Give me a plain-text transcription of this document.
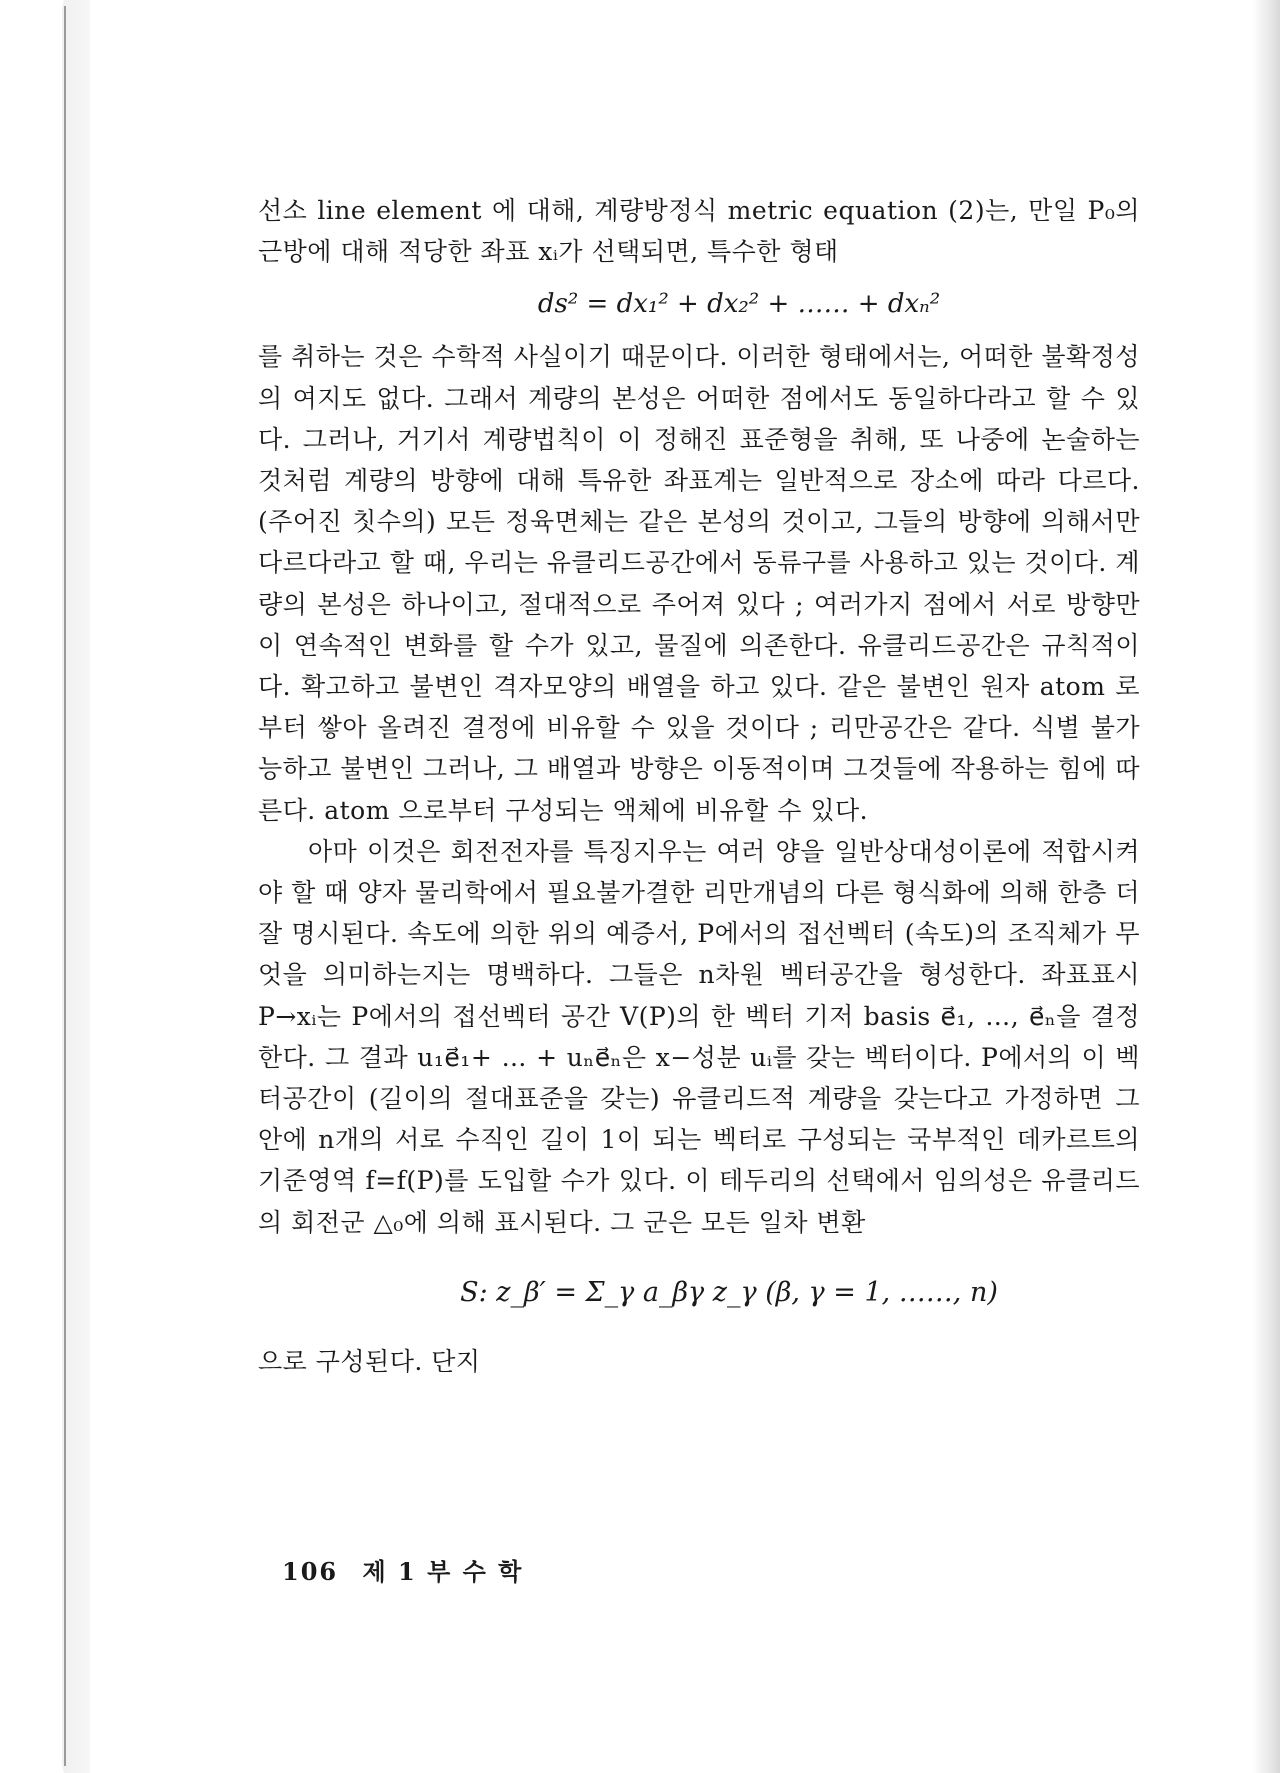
선소 line element 에 대해, 계량방정식 metric equation (2)는, 만일 P₀의 근방에 대해 적당한 좌표 xᵢ가 선택되면, 특수한 형태

ds² = dx₁² + dx₂² + …… + dxₙ²

를 취하는 것은 수학적 사실이기 때문이다. 이러한 형태에서는, 어떠한 불확정성의 여지도 없다. 그래서 계량의 본성은 어떠한 점에서도 동일하다라고 할 수 있다. 그러나, 거기서 계량법칙이 이 정해진 표준형을 취해, 또 나중에 논술하는 것처럼 계량의 방향에 대해 특유한 좌표계는 일반적으로 장소에 따라 다르다. (주어진 칫수의) 모든 정육면체는 같은 본성의 것이고, 그들의 방향에 의해서만 다르다라고 할 때, 우리는 유클리드공간에서 동류구를 사용하고 있는 것이다. 계량의 본성은 하나이고, 절대적으로 주어져 있다 ; 여러가지 점에서 서로 방향만이 연속적인 변화를 할 수가 있고, 물질에 의존한다. 유클리드공간은 규칙적이다. 확고하고 불변인 격자모양의 배열을 하고 있다. 같은 불변인 원자 atom 로부터 쌓아 올려진 결정에 비유할 수 있을 것이다 ; 리만공간은 같다. 식별 불가능하고 불변인 그러나, 그 배열과 방향은 이동적이며 그것들에 작용하는 힘에 따른다. atom 으로부터 구성되는 액체에 비유할 수 있다.

아마 이것은 회전전자를 특징지우는 여러 양을 일반상대성이론에 적합시켜야 할 때 양자 물리학에서 필요불가결한 리만개념의 다른 형식화에 의해 한층 더 잘 명시된다. 속도에 의한 위의 예증서, P에서의 접선벡터 (속도)의 조직체가 무엇을 의미하는지는 명백하다. 그들은 n차원 벡터공간을 형성한다. 좌표표시 P→xᵢ는 P에서의 접선벡터 공간 V(P)의 한 벡터 기저 basis e⃗₁, …, e⃗ₙ을 결정한다. 그 결과 u₁e⃗₁+ … + uₙe⃗ₙ은 x−성분 uᵢ를 갖는 벡터이다. P에서의 이 벡터공간이 (길이의 절대표준을 갖는) 유클리드적 계량을 갖는다고 가정하면 그 안에 n개의 서로 수직인 길이 1이 되는 벡터로 구성되는 국부적인 데카르트의 기준영역 f=f(P)를 도입할 수가 있다. 이 테두리의 선택에서 임의성은 유클리드의 회전군 △₀에 의해 표시된다. 그 군은 모든 일차 변환

S: z_β′ = Σ_γ a_βγ z_γ (β, γ = 1, ……, n)

으로 구성된다. 단지

106 제 1 부 수 학
